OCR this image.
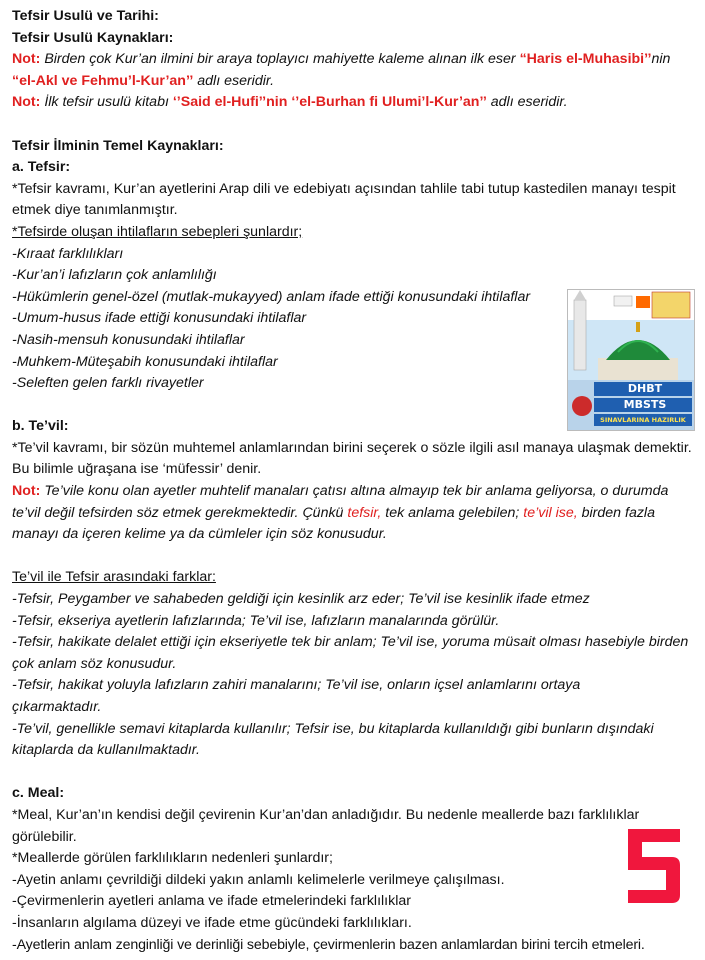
Tefsir Usulü ve Tarihi:
Tefsir Usulü Kaynakları:
Not: Birden çok Kur’an ilmini bir araya toplayıcı mahiyette kaleme alınan ilk eser “Haris el-Muhasibi’’nin
“el-Akl ve Fehmu’l-Kur’an’’ adlı eseridir.
Not: İlk tefsir usulü kitabı ‘’Said el-Hufi’’nin ‘’el-Burhan fi Ulumi’l-Kur’an’’ adlı eseridir.
Tefsir İlminin Temel Kaynakları:
a. Tefsir:
*Tefsir kavramı, Kur’an ayetlerini Arap dili ve edebiyatı açısından tahlile tabi tutup kastedilen manayı tespit etmek diye tanımlanmıştır.
*Tefsirde oluşan ihtilafların sebepleri şunlardır;
-Kıraat farklılıkları
-Kur’an’i lafızların çok anlamlılığı
-Hükümlerin genel-özel (mutlak-mukayyed) anlam ifade ettiği konusundaki ihtilaflar
-Umum-husus ifade ettiği konusundaki ihtilaflar
-Nasih-mensuh konusundaki ihtilaflar
-Muhkem-Müteşabih konusundaki ihtilaflar
-Seleften gelen farklı rivayetler
b. Te’vil:
*Te’vil kavramı, bir sözün muhtemel anlamlarından birini seçerek o sözle ilgili asıl manaya ulaşmak demektir. Bu bilimle uğraşana ise ‘müfessir’ denir.
Not: Te’vile konu olan ayetler muhtelif manaları çatısı altına almayıp tek bir anlama geliyorsa, o durumda te’vil değil tefsirden söz etmek gerekmektedir. Çünkü tefsir, tek anlama gelebilen; te’vil ise, birden fazla manayı da içeren kelime ya da cümleler için söz konusudur.
Te’vil ile Tefsir arasındaki farklar:
-Tefsir, Peygamber ve sahabeden geldiği için kesinlik arz eder; Te’vil ise kesinlik ifade etmez
-Tefsir, ekseriya ayetlerin lafızlarında; Te’vil ise, lafızların manalarında görülür.
-Tefsir, hakikate delalet ettiği için ekseriyetle tek bir anlam; Te’vil ise, yoruma müsait olması hasebiyle birden çok anlam söz konusudur.
-Tefsir, hakikat yoluyla lafızların zahiri manalarını; Te’vil ise, onların içsel anlamlarını ortaya çıkarmaktadır.
-Te’vil, genellikle semavi kitaplarda kullanılır; Tefsir ise, bu kitaplarda kullanıldığı gibi bunların dışındaki kitaplarda da kullanılmaktadır.
c. Meal:
*Meal, Kur’an’ın kendisi değil çevirenin Kur’an’dan anladığıdır. Bu nedenle meallerde bazı farklılıklar görülebilir.
*Meallerde görülen farklılıkların nedenleri şunlardır;
-Ayetin anlamı çevrildiği dildeki yakın anlamlı kelimelerle verilmeye çalışılması.
-Çevirmenlerin ayetleri anlama ve ifade etmelerindeki farklılıklar
-İnsanların algılama düzeyi ve ifade etme gücündeki farklılıkları.
-Ayetlerin anlam zenginliği ve derinliği sebebiyle, çevirmenlerin bazen anlamlardan birini tercih etmeleri.
DHBT
MBSTS
SINAVLARINA HAZIRLIK
